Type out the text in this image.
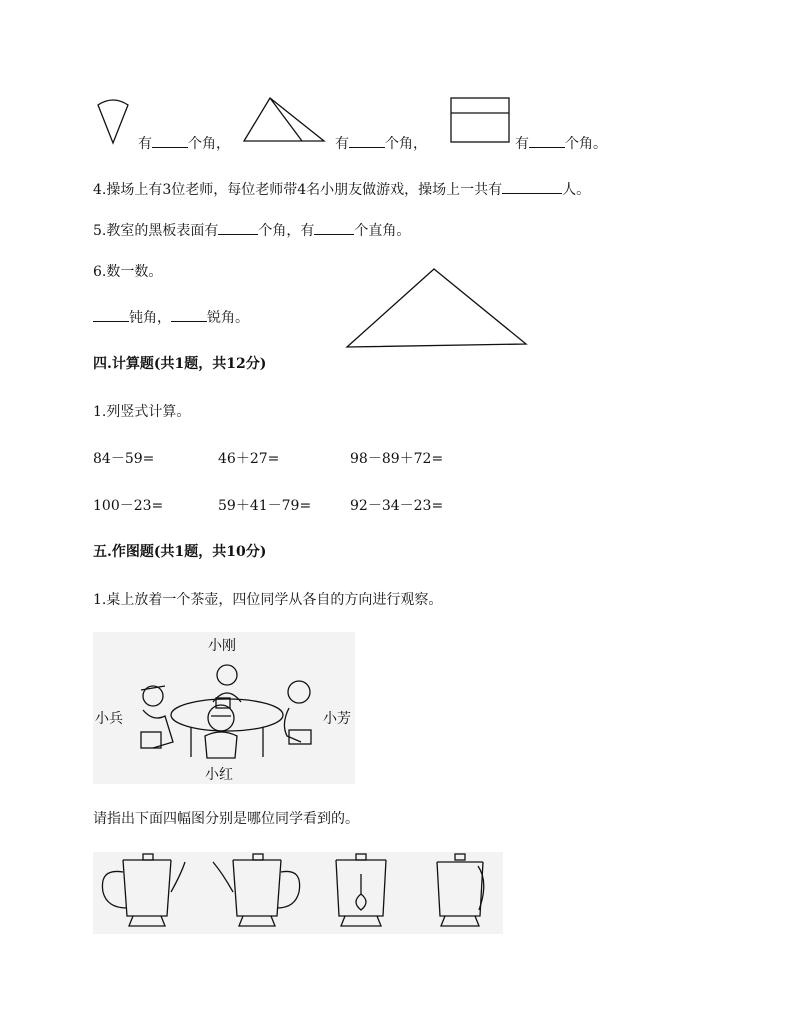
有	个角，	有	个角，	有	个角。
4.操场上有3位老师，每位老师带4名小朋友做游戏，操场上一共有	人。
5.教室的黑板表面有	个角，有	个直角。
6.数一数。
钝角，	锐角。
四.计算题(共1题，共12分)
1.列竖式计算。
84－59=	46＋27=	98－89＋72=
100－23=	59＋41－79=	92－34－23=
五.作图题(共1题，共10分)
1.桌上放着一个茶壶，四位同学从各自的方向进行观察。
小刚
小兵	小芳
小红
请指出下面四幅图分别是哪位同学看到的。
